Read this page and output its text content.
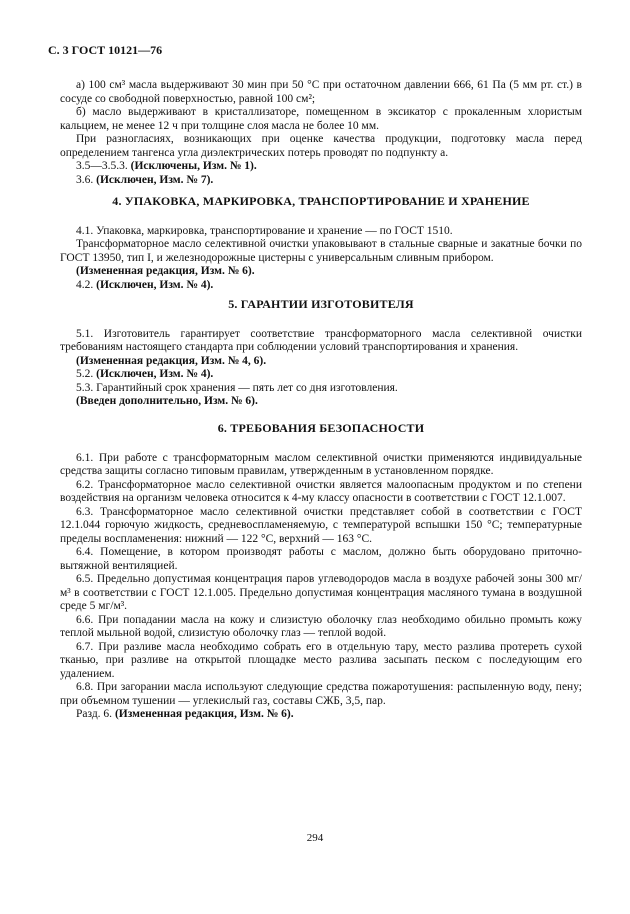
С. 3 ГОСТ 10121—76

а) 100 см³ масла выдерживают 30 мин при 50 °С при остаточном давлении 666, 61 Па (5 мм рт. ст.) в сосуде со свободной поверхностью, равной 100 см²;

б) масло выдерживают в кристаллизаторе, помещенном в эксикатор с прокаленным хлористым кальцием, не менее 12 ч при толщине слоя масла не более 10 мм.

При разногласиях, возникающих при оценке качества продукции, подготовку масла перед определением тангенса угла диэлектрических потерь проводят по подпункту а.

3.5—3.5.3. (Исключены, Изм. № 1).

3.6. (Исключен, Изм. № 7).

4. УПАКОВКА, МАРКИРОВКА, ТРАНСПОРТИРОВАНИЕ И ХРАНЕНИЕ

4.1. Упаковка, маркировка, транспортирование и хранение — по ГОСТ 1510.

Трансформаторное масло селективной очистки упаковывают в стальные сварные и закатные бочки по ГОСТ 13950, тип I, и железнодорожные цистерны с универсальным сливным прибором.

(Измененная редакция, Изм. № 6).

4.2. (Исключен, Изм. № 4).

5. ГАРАНТИИ ИЗГОТОВИТЕЛЯ

5.1. Изготовитель гарантирует соответствие трансформаторного масла селективной очистки требованиям настоящего стандарта при соблюдении условий транспортирования и хранения.

(Измененная редакция, Изм. № 4, 6).

5.2. (Исключен, Изм. № 4).

5.3. Гарантийный срок хранения — пять лет со дня изготовления.

(Введен дополнительно, Изм. № 6).

6. ТРЕБОВАНИЯ БЕЗОПАСНОСТИ

6.1. При работе с трансформаторным маслом селективной очистки применяются индивидуальные средства защиты согласно типовым правилам, утвержденным в установленном порядке.

6.2. Трансформаторное масло селективной очистки является малоопасным продуктом и по степени воздействия на организм человека относится к 4-му классу опасности в соответствии с ГОСТ 12.1.007.

6.3. Трансформаторное масло селективной очистки представляет собой в соответствии с ГОСТ 12.1.044 горючую жидкость, средневоспламеняемую, с температурой вспышки 150 °С; температурные пределы воспламенения: нижний — 122 °С, верхний — 163 °С.

6.4. Помещение, в котором производят работы с маслом, должно быть оборудовано приточно-вытяжной вентиляцией.

6.5. Предельно допустимая концентрация паров углеводородов масла в воздухе рабочей зоны 300 мг/м³ в соответствии с ГОСТ 12.1.005. Предельно допустимая концентрация масляного тумана в воздушной среде 5 мг/м³.

6.6. При попадании масла на кожу и слизистую оболочку глаз необходимо обильно промыть кожу теплой мыльной водой, слизистую оболочку глаз — теплой водой.

6.7. При разливе масла необходимо собрать его в отдельную тару, место разлива протереть сухой тканью, при разливе на открытой площадке место разлива засыпать песком с последующим его удалением.

6.8. При загорании масла используют следующие средства пожаротушения: распыленную воду, пену; при объемном тушении — углекислый газ, составы СЖБ, 3,5, пар.

Разд. 6. (Измененная редакция, Изм. № 6).

294
